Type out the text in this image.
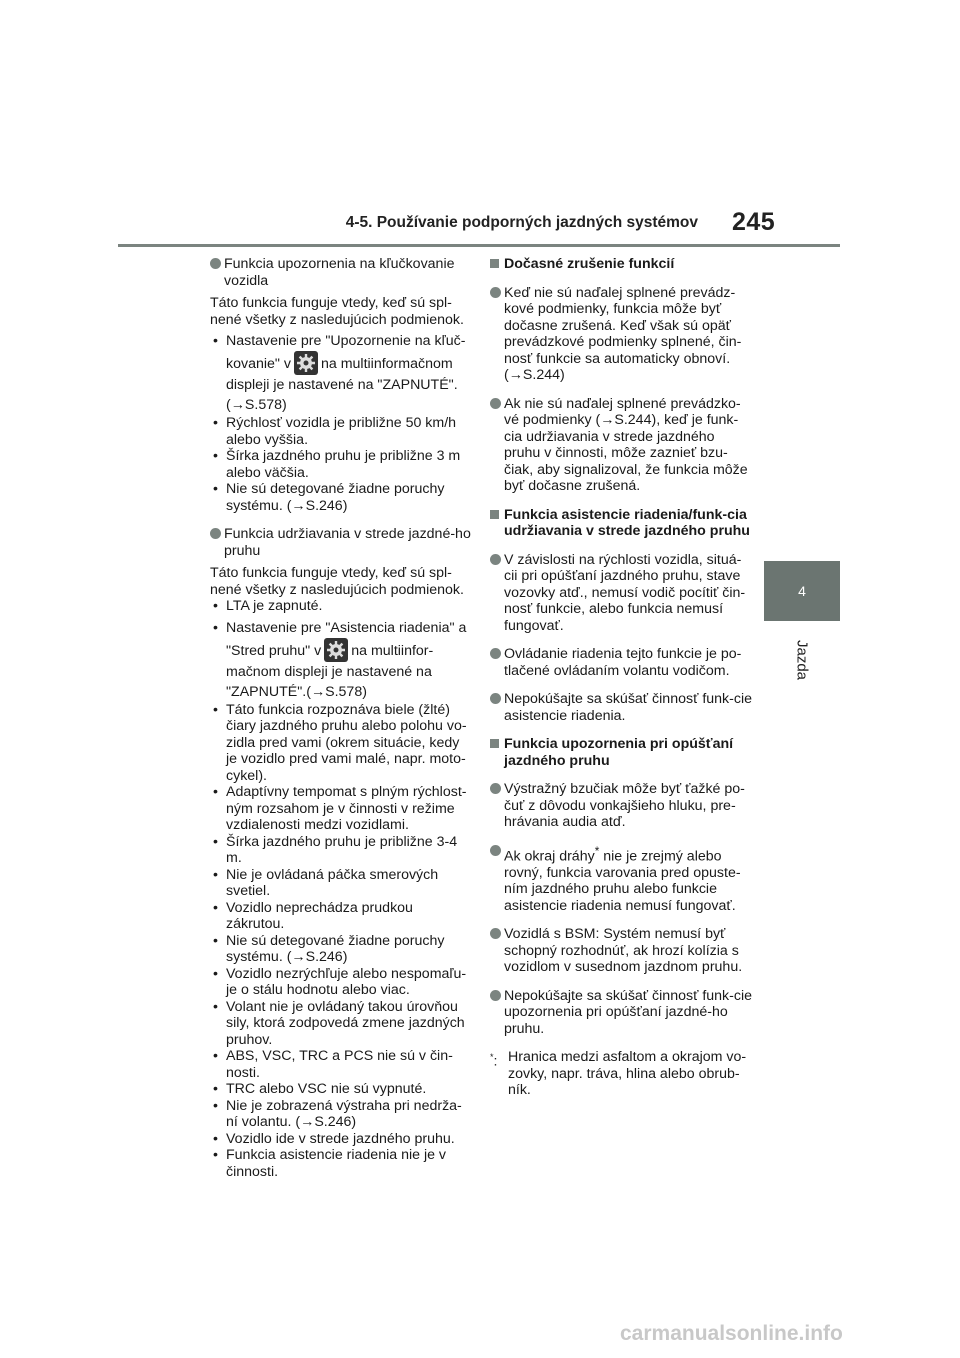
4-5. Používanie podporných jazdných systémov 245
4
Jazda
Funkcia upozornenia na kľučkovanie vozidla

Táto funkcia funguje vtedy, keď sú spl-nené všetky z nasledujúcich podmienok.

• Nastavenie pre "Upozornenie na kľuč-kovanie" v na multiinformačnom displeji je nastavené na "ZAPNUTÉ". (→S.578)
• Rýchlosť vozidla je približne 50 km/h alebo vyššia.
• Šírka jazdného pruhu je približne 3 m alebo väčšia.
• Nie sú detegované žiadne poruchy systému. (→S.246)
Funkcia udržiavania v strede jazdné-ho pruhu

Táto funkcia funguje vtedy, keď sú spl-nené všetky z nasledujúcich podmienok.

• LTA je zapnuté.
• Nastavenie pre "Asistencia riadenia" a "Stred pruhu" v na multiinfor-mačnom displeji je nastavené na "ZAPNUTÉ".(→S.578)
• Táto funkcia rozpoznáva biele (žlté) čiary jazdného pruhu alebo polohu vo-zidla pred vami (okrem situácie, kedy je vozidlo pred vami malé, napr. moto-cykel).
• Adaptívny tempomat s plným rýchlost-ným rozsahom je v činnosti v režime vzdialenosti medzi vozidlami.
• Šírka jazdného pruhu je približne 3-4 m.
• Nie je ovládaná páčka smerových svetiel.
• Vozidlo neprechádza prudkou zákrutou.
• Nie sú detegované žiadne poruchy systému. (→S.246)
• Vozidlo nezrýchľuje alebo nespomaľu-je o stálu hodnotu alebo viac.
• Volant nie je ovládaný takou úrovňou sily, ktorá zodpovedá zmene jazdných pruhov.
• ABS, VSC, TRC a PCS nie sú v čin-nosti.
• TRC alebo VSC nie sú vypnuté.
• Nie je zobrazená výstraha pri nedrža-ní volantu. (→S.246)
• Vozidlo ide v strede jazdného pruhu.
• Funkcia asistencie riadenia nie je v činnosti.
Dočasné zrušenie funkcií
Keď nie sú naďalej splnené prevádz-kové podmienky, funkcia môže byť dočasne zrušená. Keď však sú opäť prevádzkové podmienky splnené, čin-nosť funkcie sa automaticky obnoví. (→S.244)
Ak nie sú naďalej splnené prevádzko-vé podmienky (→S.244), keď je funk-cia udržiavania v strede jazdného pruhu v činnosti, môže zaznieť bzu-čiak, aby signalizoval, že funkcia môže byť dočasne zrušená.
Funkcia asistencie riadenia/funk-cia udržiavania v strede jazdného pruhu
V závislosti na rýchlosti vozidla, situá-cii pri opúšťaní jazdného pruhu, stave vozovky atď., nemusí vodič pocítiť čin-nosť funkcie, alebo funkcia nemusí fungovať.
Ovládanie riadenia tejto funkcie je po-tlačené ovládaním volantu vodičom.
Nepokúšajte sa skúšať činnosť funk-cie asistencie riadenia.
Funkcia upozornenia pri opúšťaní jazdného pruhu
Výstražný bzučiak môže byť ťažké po-čuť z dôvodu vonkajšieho hluku, pre-hrávania audia atď.
Ak okraj dráhy* nie je zrejmý alebo rovný, funkcia varovania pred opuste-ním jazdného pruhu alebo funkcie asistencie riadenia nemusí fungovať.
Vozidlá s BSM: Systém nemusí byť schopný rozhodnúť, ak hrozí kolízia s vozidlom v susednom jazdnom pruhu.
Nepokúšajte sa skúšať činnosť funk-cie upozornenia pri opúšťaní jazdné-ho pruhu.
*: Hranica medzi asfaltom a okrajom vo-zovky, napr. tráva, hlina alebo obrub-ník.
carmanualsonline.info
